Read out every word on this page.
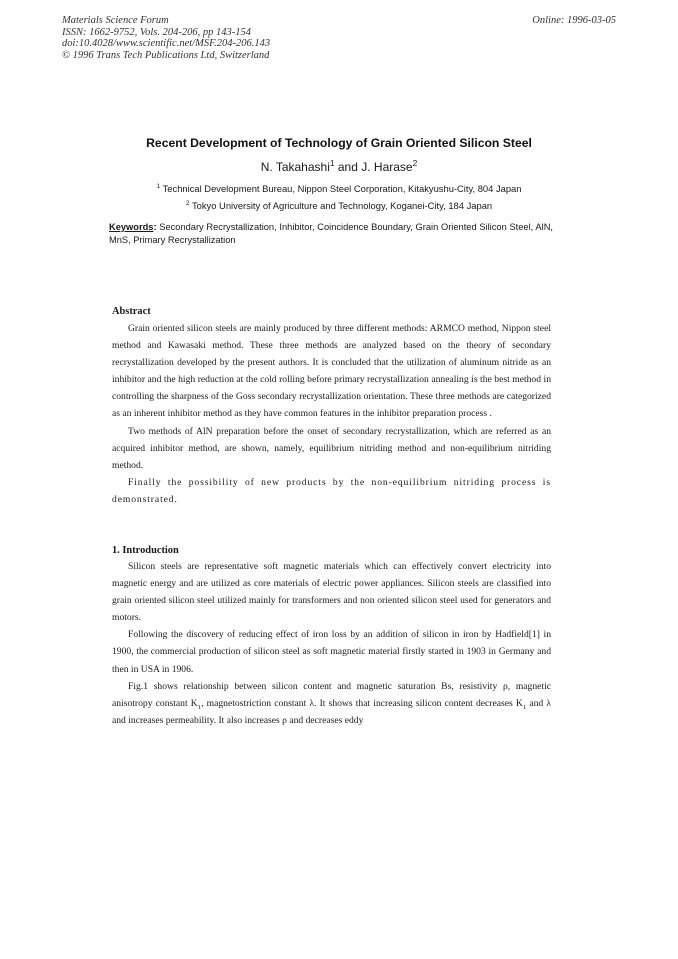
Materials Science Forum
ISSN: 1662-9752, Vols. 204-206, pp 143-154
doi:10.4028/www.scientific.net/MSF.204-206.143
© 1996 Trans Tech Publications Ltd, Switzerland
Online: 1996-03-05
Recent Development of Technology of Grain Oriented Silicon Steel
N. Takahashi$^1$ and J. Harase$^2$
$^1$ Technical Development Bureau, Nippon Steel Corporation, Kitakyushu-City, 804 Japan
$^2$ Tokyo University of Agriculture and Technology, Koganei-City, 184 Japan
Keywords: Secondary Recrystallization, Inhibitor, Coincidence Boundary, Grain Oriented Silicon Steel, AlN, MnS, Primary Recrystallization
Abstract

Grain oriented silicon steels are mainly produced by three different methods: ARMCO method, Nippon steel method and Kawasaki method. These three methods are analyzed based on the theory of secondary recrystallization developed by the present authors. It is concluded that the utilization of aluminum nitride as an inhibitor and the high reduction at the cold rolling before primary recrystallization annealing is the best method in controlling the sharpness of the Goss secondary recrystallization orientation. These three methods are categorized as an inherent inhibitor method as they have common features in the inhibitor preparation process .

Two methods of AlN preparation before the onset of secondary recrystallization, which are referred as an acquired inhibitor method, are shown, namely, equilibrium nitriding method and non-equilibrium nitriding method.

Finally the possibility of new products by the non-equilibrium nitriding process is demonstrated.

1. Introduction

Silicon steels are representative soft magnetic materials which can effectively convert electricity into magnetic energy and are utilized as core materials of electric power appliances. Silicon steels are classified into grain oriented silicon steel utilized mainly for transformers and non oriented silicon steel used for generators and motors.

Following the discovery of reducing effect of iron loss by an addition of silicon in iron by Hadfield[1] in 1900, the commercial production of silicon steel as soft magnetic material firstly started in 1903 in Germany and then in USA in 1906.

Fig.1 shows relationship between silicon content and magnetic saturation Bs, resistivity ρ, magnetic anisotropy constant $K_1$, magnetostriction constant λ. It shows that increasing silicon content decreases $K_1$ and λ and increases permeability. It also increases ρ and decreases eddy
